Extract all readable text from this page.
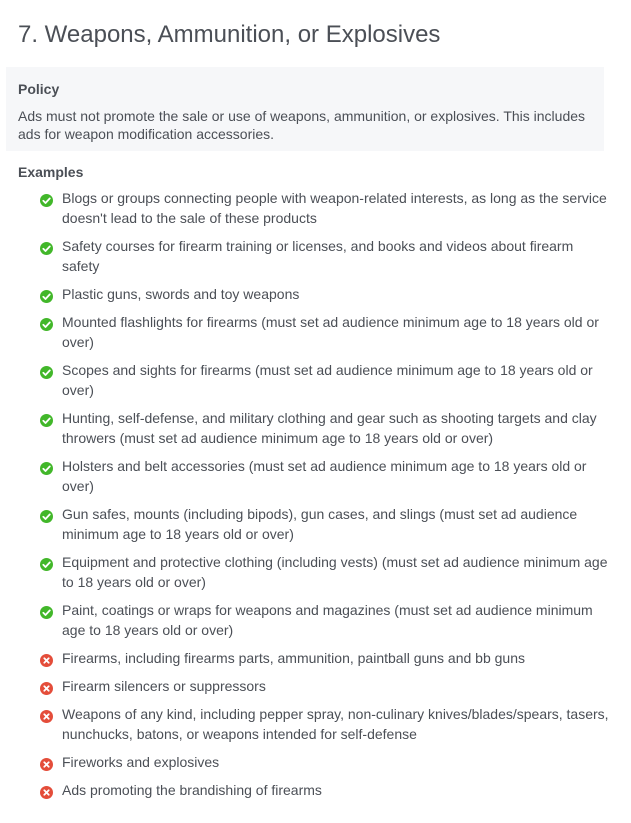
7. Weapons, Ammunition, or Explosives
Policy

Ads must not promote the sale or use of weapons, ammunition, or explosives. This includes ads for weapon modification accessories.

Examples
Blogs or groups connecting people with weapon-related interests, as long as the service doesn't lead to the sale of these products
Safety courses for firearm training or licenses, and books and videos about firearm safety
Plastic guns, swords and toy weapons
Mounted flashlights for firearms (must set ad audience minimum age to 18 years old or over)
Scopes and sights for firearms (must set ad audience minimum age to 18 years old or over)
Hunting, self-defense, and military clothing and gear such as shooting targets and clay throwers (must set ad audience minimum age to 18 years old or over)
Holsters and belt accessories (must set ad audience minimum age to 18 years old or over)
Gun safes, mounts (including bipods), gun cases, and slings (must set ad audience minimum age to 18 years old or over)
Equipment and protective clothing (including vests) (must set ad audience minimum age to 18 years old or over)
Paint, coatings or wraps for weapons and magazines (must set ad audience minimum age to 18 years old or over)
Firearms, including firearms parts, ammunition, paintball guns and bb guns
Firearm silencers or suppressors
Weapons of any kind, including pepper spray, non-culinary knives/blades/spears, tasers, nunchucks, batons, or weapons intended for self-defense
Fireworks and explosives
Ads promoting the brandishing of firearms
